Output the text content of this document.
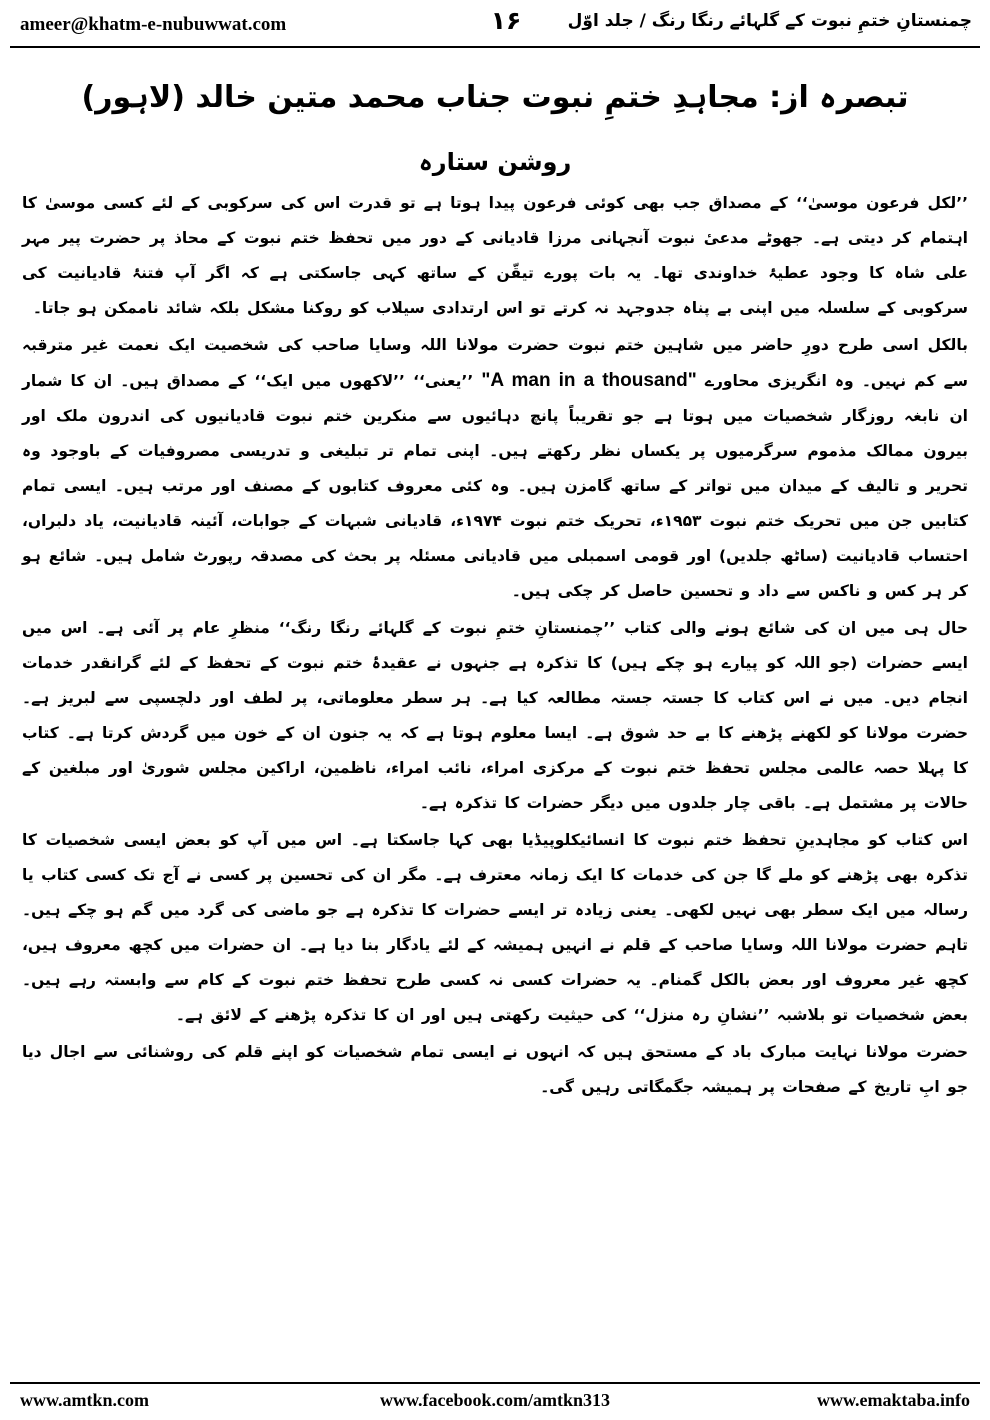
ameer@khatm-e-nubuwwat.com	۱۶	چمنستانِ ختمِ نبوت کے گلہائے رنگا رنگ / جلد اوّل
تبصرہ از: مجاہدِ ختمِ نبوت جناب محمد متین خالد (لاہور)
روشن ستارہ

’’لکل فرعون موسیٰ‘‘ کے مصداق جب بھی کوئی فرعون پیدا ہوتا ہے تو قدرت اس کی سرکوبی کے لئے کسی موسیٰ کا اہتمام کر دیتی ہے۔ جھوٹے مدعیٔ نبوت آنجہانی مرزا قادیانی کے دور میں تحفظ ختم نبوت کے محاذ پر حضرت پیر مہر علی شاہ کا وجود عطیۂ خداوندی تھا۔ یہ بات پورے تیقّن کے ساتھ کہی جاسکتی ہے کہ اگر آپ فتنۂ قادیانیت کی سرکوبی کے سلسلہ میں اپنی بے پناہ جدوجہد نہ کرتے تو اس ارتدادی سیلاب کو روکنا مشکل بلکہ شائد ناممکن ہو جاتا۔

بالکل اسی طرح دورِ حاضر میں شاہین ختم نبوت حضرت مولانا اللہ وسایا صاحب کی شخصیت ایک نعمت غیر مترقبہ سے کم نہیں۔ وہ انگریزی محاورے "A man in a thousand" ’’یعنی‘‘ ’’لاکھوں میں ایک‘‘ کے مصداق ہیں۔ ان کا شمار ان نابغہ روزگار شخصیات میں ہوتا ہے جو تقریباً پانچ دہائیوں سے منکرین ختم نبوت قادیانیوں کی اندرون ملک اور بیرون ممالک مذموم سرگرمیوں پر یکساں نظر رکھتے ہیں۔ اپنی تمام تر تبلیغی و تدریسی مصروفیات کے باوجود وہ تحریر و تالیف کے میدان میں تواتر کے ساتھ گامزن ہیں۔ وہ کئی معروف کتابوں کے مصنف اور مرتب ہیں۔ ایسی تمام کتابیں جن میں تحریک ختم نبوت ۱۹۵۳ء، تحریک ختم نبوت ۱۹۷۴ء، قادیانی شبہات کے جوابات، آئینہ قادیانیت، یاد دلبراں، احتساب قادیانیت (ساٹھ جلدیں) اور قومی اسمبلی میں قادیانی مسئلہ پر بحث کی مصدقہ رپورٹ شامل ہیں۔ شائع ہو کر ہر کس و ناکس سے داد و تحسین حاصل کر چکی ہیں۔

حال ہی میں ان کی شائع ہونے والی کتاب ’’چمنستانِ ختمِ نبوت کے گلہائے رنگا رنگ‘‘ منظرِ عام پر آئی ہے۔ اس میں ایسے حضرات (جو اللہ کو پیارے ہو چکے ہیں) کا تذکرہ ہے جنہوں نے عقیدۂ ختم نبوت کے تحفظ کے لئے گرانقدر خدمات انجام دیں۔ میں نے اس کتاب کا جستہ جستہ مطالعہ کیا ہے۔ ہر سطر معلوماتی، پر لطف اور دلچسپی سے لبریز ہے۔ حضرت مولانا کو لکھنے پڑھنے کا بے حد شوق ہے۔ ایسا معلوم ہوتا ہے کہ یہ جنون ان کے خون میں گردش کرتا ہے۔ کتاب کا پہلا حصہ عالمی مجلس تحفظ ختم نبوت کے مرکزی امراء، نائب امراء، ناظمین، اراکین مجلس شوریٰ اور مبلغین کے حالات پر مشتمل ہے۔ باقی چار جلدوں میں دیگر حضرات کا تذکرہ ہے۔

اس کتاب کو مجاہدینِ تحفظ ختم نبوت کا انسائیکلوپیڈیا بھی کہا جاسکتا ہے۔ اس میں آپ کو بعض ایسی شخصیات کا تذکرہ بھی پڑھنے کو ملے گا جن کی خدمات کا ایک زمانہ معترف ہے۔ مگر ان کی تحسین پر کسی نے آج تک کسی کتاب یا رسالہ میں ایک سطر بھی نہیں لکھی۔ یعنی زیادہ تر ایسے حضرات کا تذکرہ ہے جو ماضی کی گرد میں گم ہو چکے ہیں۔ تاہم حضرت مولانا اللہ وسایا صاحب کے قلم نے انہیں ہمیشہ کے لئے یادگار بنا دیا ہے۔ ان حضرات میں کچھ معروف ہیں، کچھ غیر معروف اور بعض بالکل گمنام۔ یہ حضرات کسی نہ کسی طرح تحفظ ختم نبوت کے کام سے وابستہ رہے ہیں۔ بعض شخصیات تو بلاشبہ ’’نشانِ رہ منزل‘‘ کی حیثیت رکھتی ہیں اور ان کا تذکرہ پڑھنے کے لائق ہے۔

حضرت مولانا نہایت مبارک باد کے مستحق ہیں کہ انہوں نے ایسی تمام شخصیات کو اپنے قلم کی روشنائی سے اجال دیا جو ابِ تاریخ کے صفحات پر ہمیشہ جگمگاتی رہیں گی۔

www.amtkn.com	www.facebook.com/amtkn313	www.emaktaba.info
